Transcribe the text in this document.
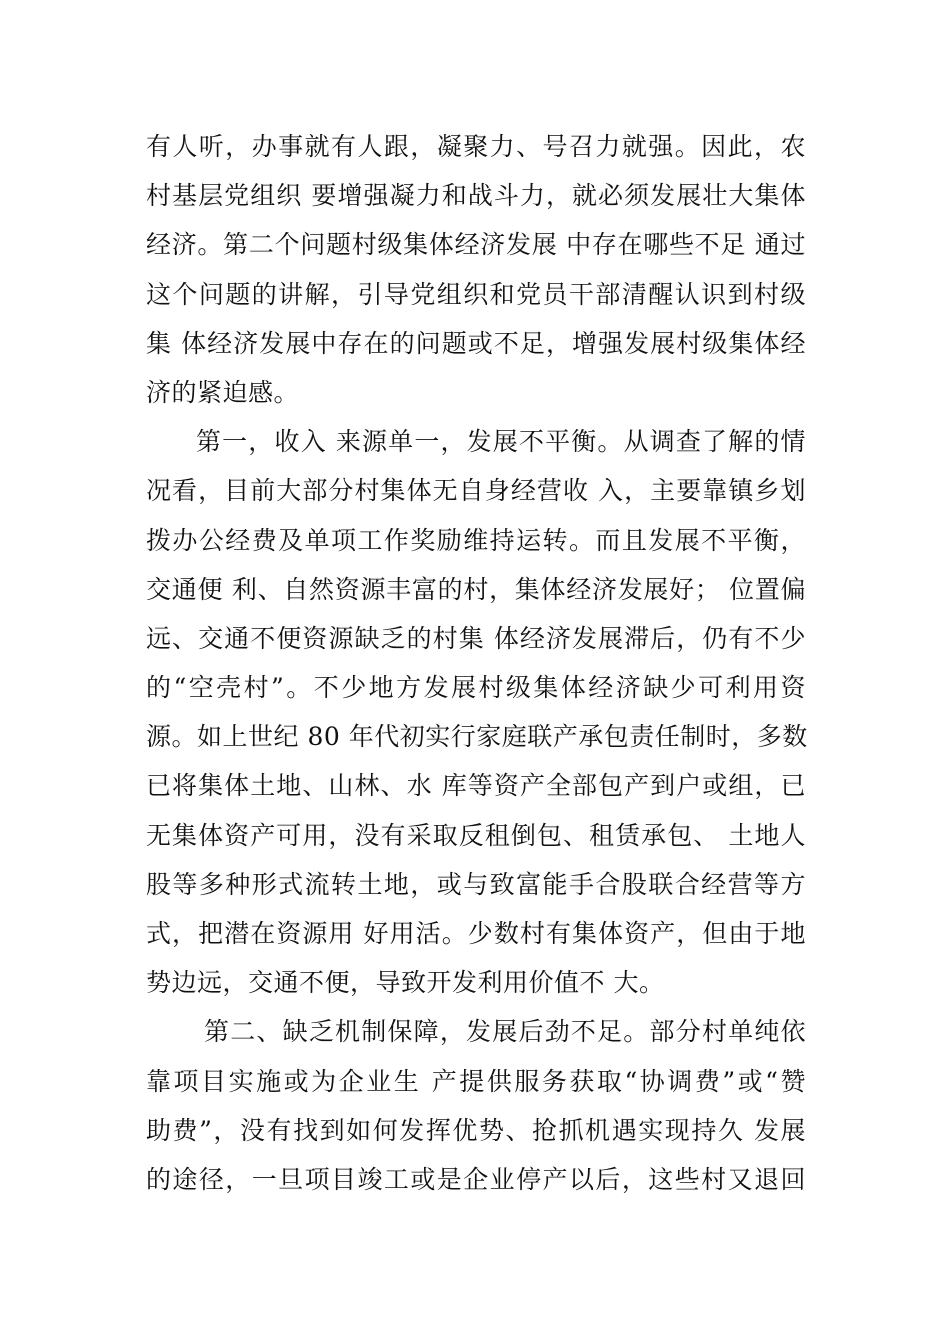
有人听，办事就有人跟，凝聚力、号召力就强。因此，农
村基层党组织 要增强凝力和战斗力，就必须发展壮大集体
经济。第二个问题村级集体经济发展 中存在哪些不足 通过
这个问题的讲解，引导党组织和党员干部清醒认识到村级
集 体经济发展中存在的问题或不足，增强发展村级集体经
济的紧迫感。
第一，收入 来源单一，发展不平衡。从调查了解的情
况看，目前大部分村集体无自身经营收 入，主要靠镇乡划
拨办公经费及单项工作奖励维持运转。而且发展不平衡，
交通便 利、自然资源丰富的村，集体经济发展好； 位置偏
远、交通不便资源缺乏的村集 体经济发展滞后，仍有不少
的“空壳村”。不少地方发展村级集体经济缺少可利用资
源。如上世纪 80 年代初实行家庭联产承包责任制时，多数
已将集体土地、山林、水 库等资产全部包产到户或组，已
无集体资产可用，没有采取反租倒包、租赁承包、 土地人
股等多种形式流转土地，或与致富能手合股联合经营等方
式，把潜在资源用 好用活。少数村有集体资产，但由于地
势边远，交通不便，导致开发利用价值不 大。
第二、缺乏机制保障，发展后劲不足。部分村单纯依
靠项目实施或为企业生 产提供服务获取“协调费”或“赞
助费”，没有找到如何发挥优势、抢抓机遇实现持久 发展
的途径，一旦项目竣工或是企业停产以后，这些村又退回
